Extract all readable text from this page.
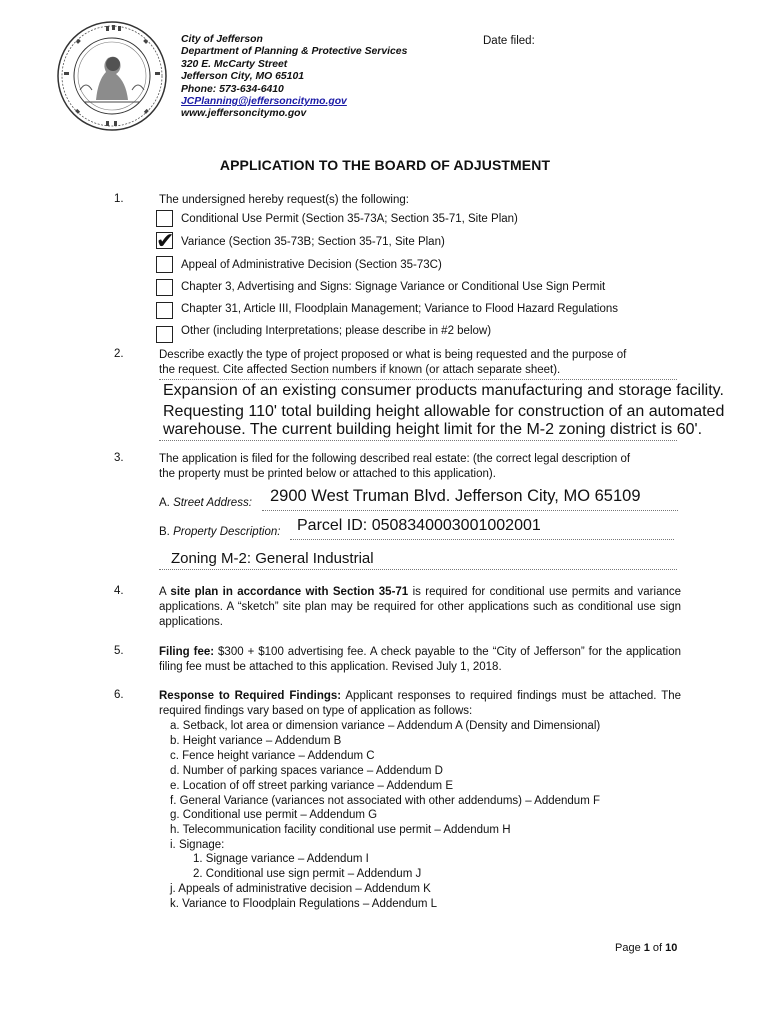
City of Jefferson
Department of Planning & Protective Services
320 E. McCarty Street
Jefferson City, MO 65101
Phone: 573-634-6410
JCPlanning@jeffersoncitymo.gov
www.jeffersoncitymo.gov
Date filed:
APPLICATION TO THE BOARD OF ADJUSTMENT
1.	The undersigned hereby request(s) the following:
Conditional Use Permit (Section 35-73A; Section 35-71, Site Plan)
✔ Variance (Section 35-73B; Section 35-71, Site Plan)
Appeal of Administrative Decision (Section 35-73C)
Chapter 3, Advertising and Signs: Signage Variance or Conditional Use Sign Permit
Chapter 31, Article III, Floodplain Management; Variance to Flood Hazard Regulations
Other (including Interpretations; please describe in #2 below)
2.	Describe exactly the type of project proposed or what is being requested and the purpose of
the request. Cite affected Section numbers if known (or attach separate sheet).
Expansion of an existing consumer products manufacturing and storage facility.
Requesting 110' total building height allowable for construction of an automated
warehouse. The current building height limit for the M-2 zoning district is 60'.
3.	The application is filed for the following described real estate: (the correct legal description of
the property must be printed below or attached to this application).
A. Street Address: 2900 West Truman Blvd. Jefferson City, MO 65109
B. Property Description: Parcel ID: 0508340003001002001
Zoning M-2: General Industrial
4.	A site plan in accordance with Section 35-71 is required for conditional use permits and variance applications. A “sketch” site plan may be required for other applications such as conditional use sign applications.
5.	Filing fee: $300 + $100 advertising fee. A check payable to the “City of Jefferson” for the application filing fee must be attached to this application. Revised July 1, 2018.
6.	Response to Required Findings: Applicant responses to required findings must be attached. The required findings vary based on type of application as follows:
a. Setback, lot area or dimension variance – Addendum A (Density and Dimensional)
b. Height variance – Addendum B
c. Fence height variance – Addendum C
d. Number of parking spaces variance – Addendum D
e. Location of off street parking variance – Addendum E
f. General Variance (variances not associated with other addendums) – Addendum F
g. Conditional use permit – Addendum G
h. Telecommunication facility conditional use permit – Addendum H
i. Signage:
1. Signage variance – Addendum I
2. Conditional use sign permit – Addendum J
j. Appeals of administrative decision – Addendum K
k. Variance to Floodplain Regulations – Addendum L
Page 1 of 10
